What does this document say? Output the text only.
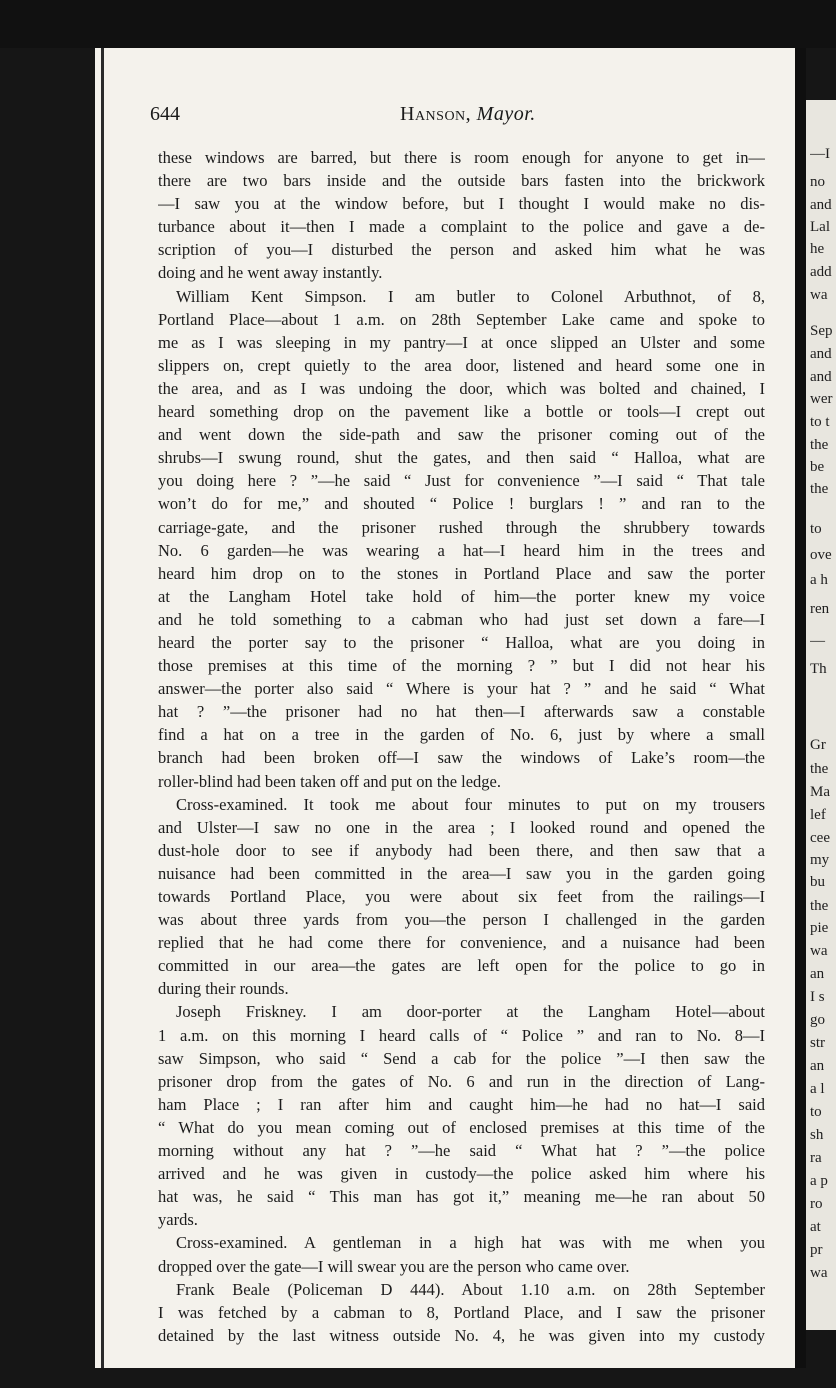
—I
no
and
Lal
he
add
wa
Sep
and
and
wer
to t
the
be
the
to
ove
a h
ren
—
Th
Gr
the
Ma
lef
cee
my
bu
the
pie
wa
an
I s
go
str
an
a l
to
sh
ra
a p
ro
at
pr
wa
644	Hanson, Mayor.
these windows are barred, but there is room enough for anyone to get in—
there are two bars inside and the outside bars fasten into the brickwork
—I saw you at the window before, but I thought I would make no dis-
turbance about it—then I made a complaint to the police and gave a de-
scription of you—I disturbed the person and asked him what he was
doing and he went away instantly.
William Kent Simpson. I am butler to Colonel Arbuthnot, of 8,
Portland Place—about 1 a.m. on 28th September Lake came and spoke to
me as I was sleeping in my pantry—I at once slipped an Ulster and some
slippers on, crept quietly to the area door, listened and heard some one in
the area, and as I was undoing the door, which was bolted and chained, I
heard something drop on the pavement like a bottle or tools—I crept out
and went down the side-path and saw the prisoner coming out of the
shrubs—I swung round, shut the gates, and then said “ Halloa, what are
you doing here ? ”—he said “ Just for convenience ”—I said “ That tale
won’t do for me,” and shouted “ Police ! burglars ! ” and ran to the
carriage-gate, and the prisoner rushed through the shrubbery towards
No. 6 garden—he was wearing a hat—I heard him in the trees and
heard him drop on to the stones in Portland Place and saw the porter
at the Langham Hotel take hold of him—the porter knew my voice
and he told something to a cabman who had just set down a fare—I
heard the porter say to the prisoner “ Halloa, what are you doing in
those premises at this time of the morning ? ” but I did not hear his
answer—the porter also said “ Where is your hat ? ” and he said “ What
hat ? ”—the prisoner had no hat then—I afterwards saw a constable
find a hat on a tree in the garden of No. 6, just by where a small
branch had been broken off—I saw the windows of Lake’s room—the
roller-blind had been taken off and put on the ledge.
Cross-examined. It took me about four minutes to put on my trousers
and Ulster—I saw no one in the area ; I looked round and opened the
dust-hole door to see if anybody had been there, and then saw that a
nuisance had been committed in the area—I saw you in the garden going
towards Portland Place, you were about six feet from the railings—I
was about three yards from you—the person I challenged in the garden
replied that he had come there for convenience, and a nuisance had been
committed in our area—the gates are left open for the police to go in
during their rounds.
Joseph Friskney. I am door-porter at the Langham Hotel—about
1 a.m. on this morning I heard calls of “ Police ” and ran to No. 8—I
saw Simpson, who said “ Send a cab for the police ”—I then saw the
prisoner drop from the gates of No. 6 and run in the direction of Lang-
ham Place ; I ran after him and caught him—he had no hat—I said
“ What do you mean coming out of enclosed premises at this time of the
morning without any hat ? ”—he said “ What hat ? ”—the police
arrived and he was given in custody—the police asked him where his
hat was, he said “ This man has got it,” meaning me—he ran about 50
yards.
Cross-examined. A gentleman in a high hat was with me when you
dropped over the gate—I will swear you are the person who came over.
Frank Beale (Policeman D 444). About 1.10 a.m. on 28th September
I was fetched by a cabman to 8, Portland Place, and I saw the prisoner
detained by the last witness outside No. 4, he was given into my custody
